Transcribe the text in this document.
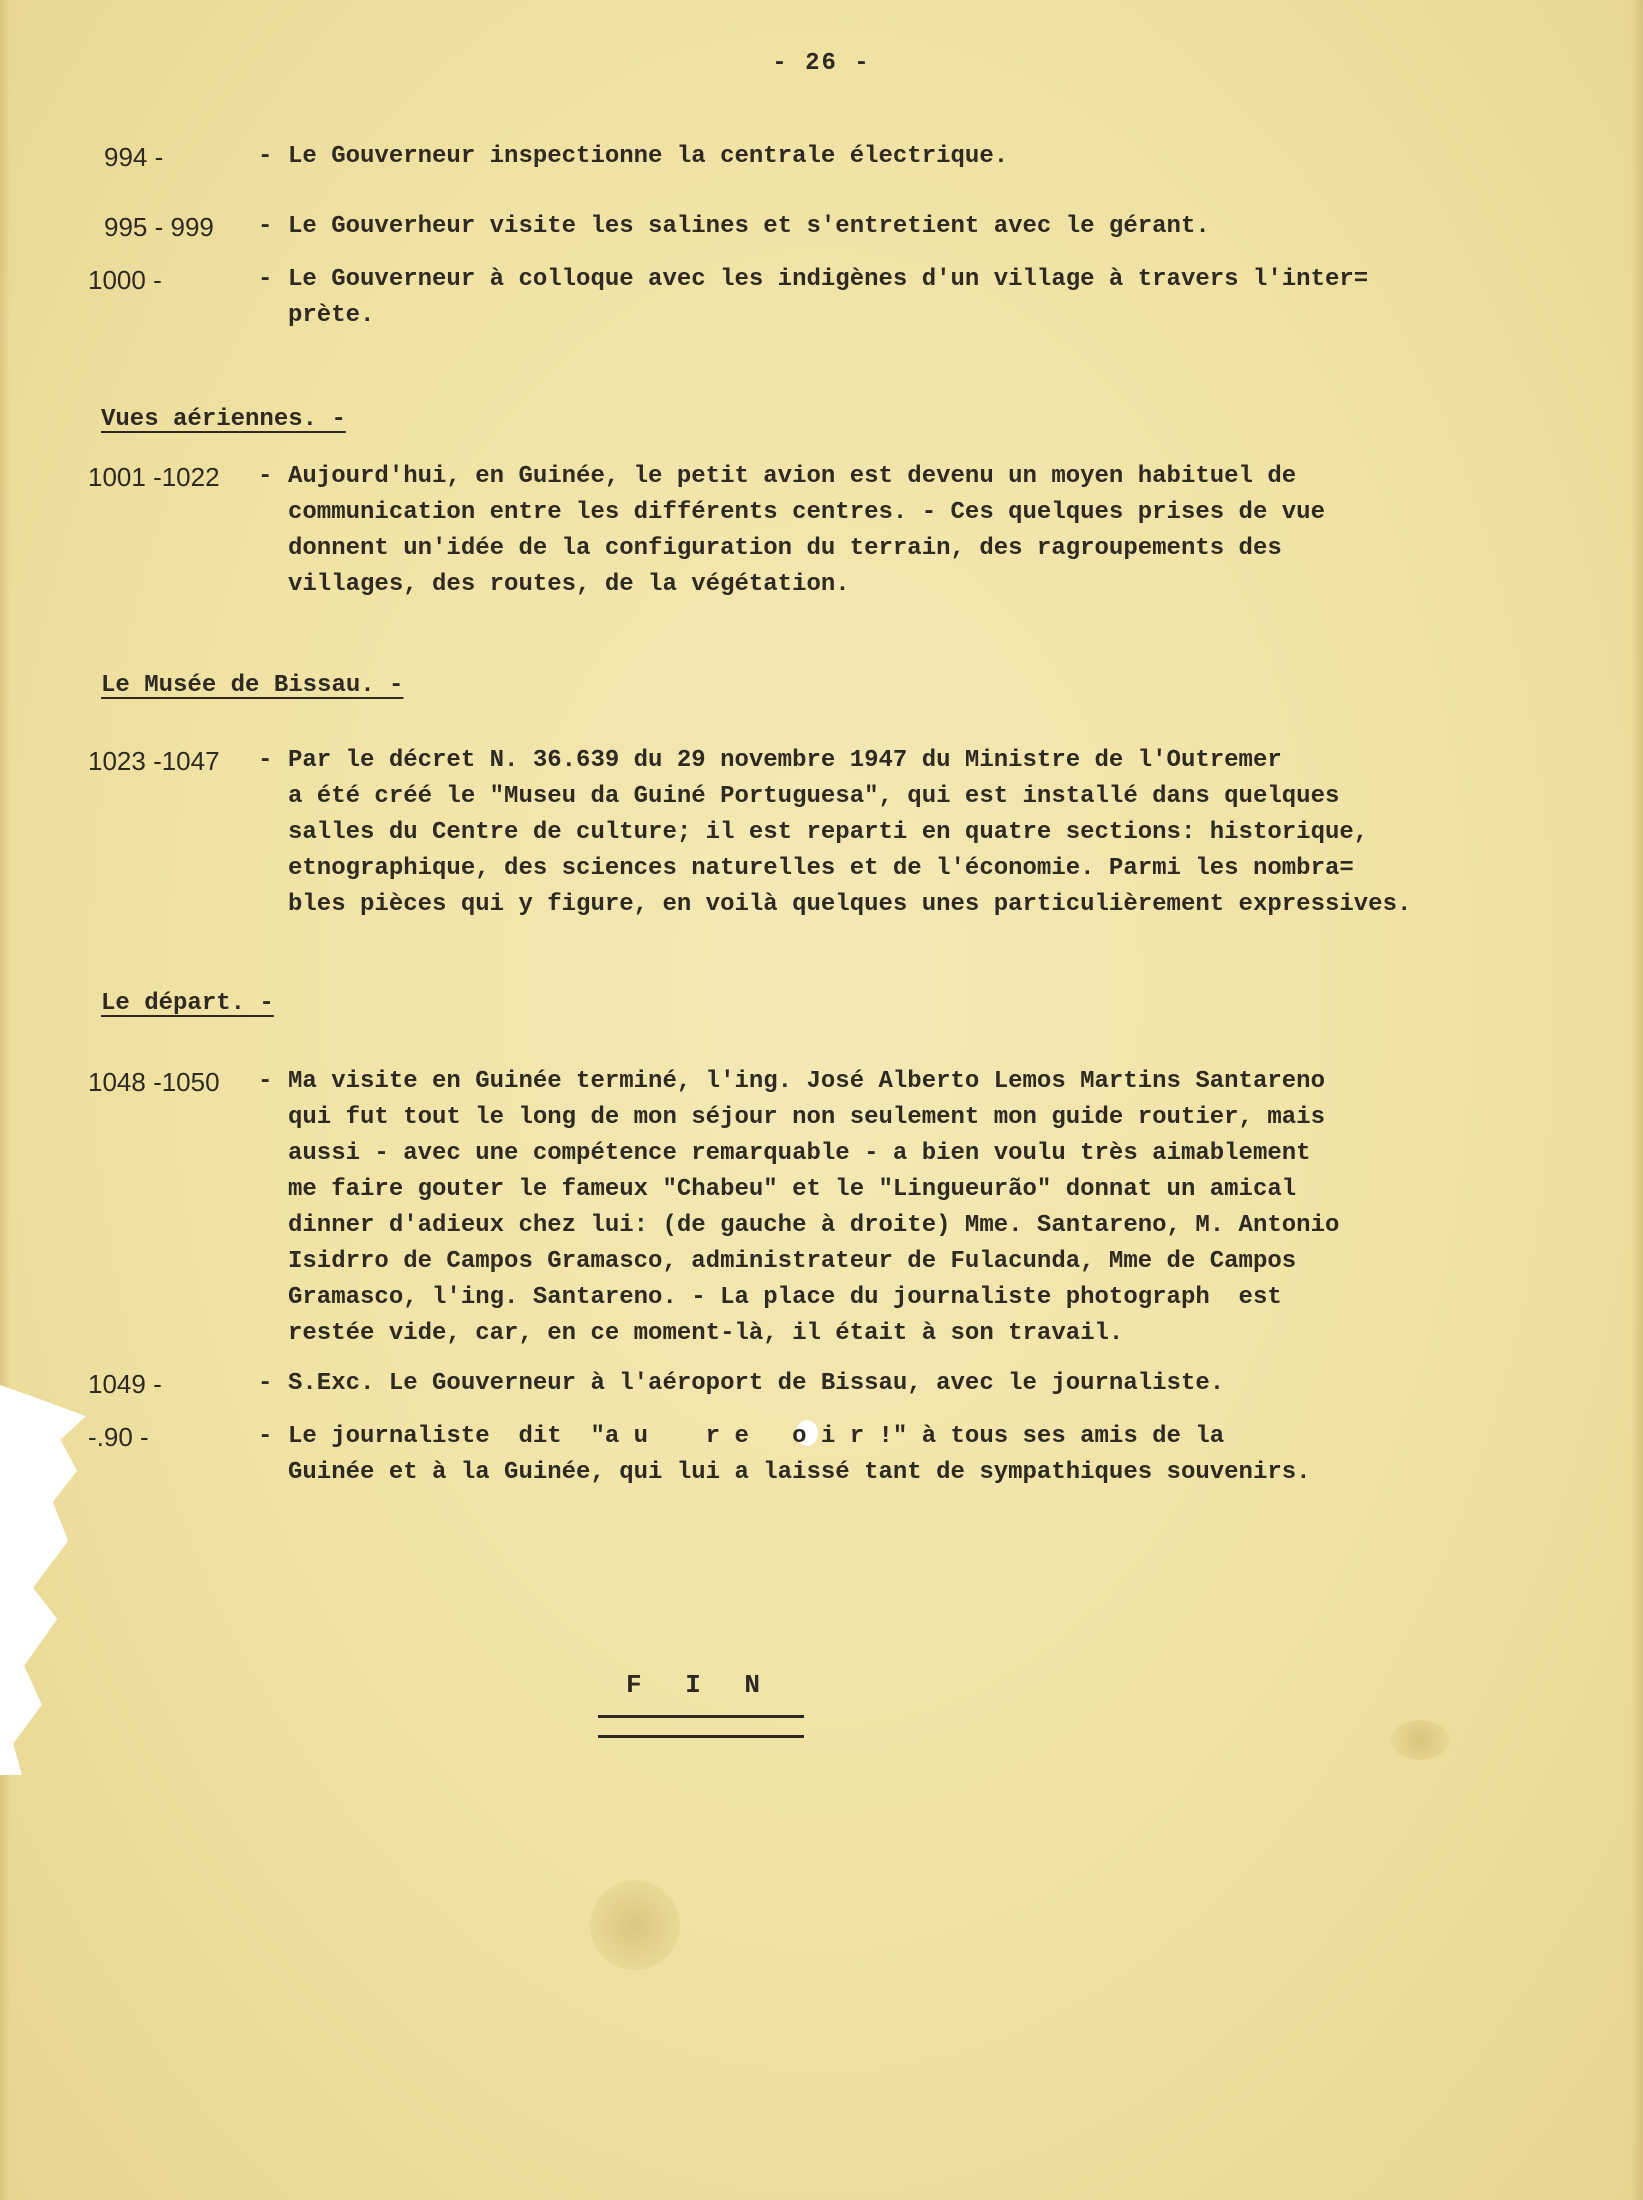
- 26 -
994 -	- Le Gouverneur inspectionne la centrale électrique.
995 - 999 - Le Gouverheur visite les salines et s'entretient avec le gérant.
1000 -	- Le Gouverneur à colloque avec les indigènes d'un village à travers l'inter=
prète.
Vues aériennes. -
1001 -1022 - Aujourd'hui, en Guinée, le petit avion est devenu un moyen habituel de
communication entre les différents centres. - Ces quelques prises de vue
donnent un'idée de la configuration du terrain, des ragroupements des
villages, des routes, de la végétation.
Le Musée de Bissau. -
1023 -1047 - Par le décret N. 36.639 du 29 novembre 1947 du Ministre de l'Outremer
a été créé le "Museu da Guiné Portuguesa", qui est installé dans quelques
salles du Centre de culture; il est reparti en quatre sections: historique,
etnographique, des sciences naturelles et de l'économie. Parmi les nombra=
bles pièces qui y figure, en voilà quelques unes particulièrement expressives.
Le départ. -
1048 -1050 - Ma visite en Guinée terminé, l'ing. José Alberto Lemos Martins Santareno
qui fut tout le long de mon séjour non seulement mon guide routier, mais
aussi - avec une compétence remarquable - a bien voulu très aimablement
me faire gouter le fameux "Chabeu" et le "Lingueurão" donnat un amical
dinner d'adieux chez lui: (de gauche à droite) Mme. Santareno, M. Antonio
Isidrro de Campos Gramasco, administrateur de Fulacunda, Mme de Campos
Gramasco, l'ing. Santareno. - La place du journaliste photograph  est
restée vide, car, en ce moment-là, il était à son travail.
1049 -	- S.Exc. Le Gouverneur à l'aéroport de Bissau, avec le journaliste.
-.90 -	- Le journaliste  dit  "a u    r e   o i r !" à tous ses amis de la
Guinée et à la Guinée, qui lui a laissé tant de sympathiques souvenirs.
F I N
